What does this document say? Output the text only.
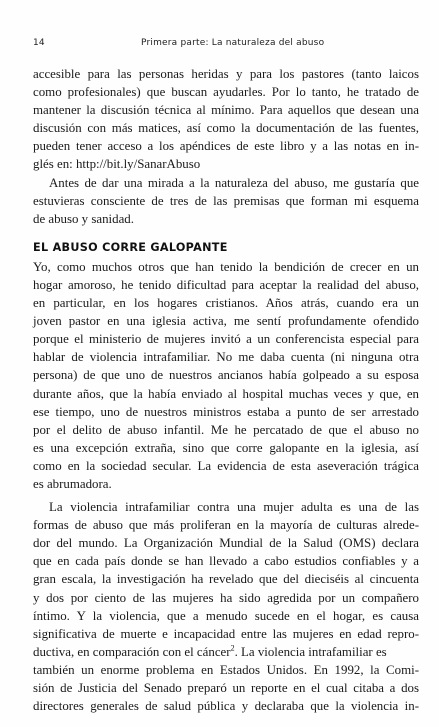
14	Primera parte: La naturaleza del abuso
accesible para las personas heridas y para los pastores (tanto laicos
como profesionales) que buscan ayudarles. Por lo tanto, he tratado de
mantener la discusión técnica al mínimo. Para aquellos que desean una
discusión con más matices, así como la documentación de las fuentes,
pueden tener acceso a los apéndices de este libro y a las notas en in-
glés en: http://bit.ly/SanarAbuso
Antes de dar una mirada a la naturaleza del abuso, me gustaría que
estuvieras consciente de tres de las premisas que forman mi esquema
de abuso y sanidad.
EL ABUSO CORRE GALOPANTE
Yo, como muchos otros que han tenido la bendición de crecer en un
hogar amoroso, he tenido dificultad para aceptar la realidad del abuso,
en particular, en los hogares cristianos. Años atrás, cuando era un
joven pastor en una iglesia activa, me sentí profundamente ofendido
porque el ministerio de mujeres invitó a un conferencista especial para
hablar de violencia intrafamiliar. No me daba cuenta (ni ninguna otra
persona) de que uno de nuestros ancianos había golpeado a su esposa
durante años, que la había enviado al hospital muchas veces y que, en
ese tiempo, uno de nuestros ministros estaba a punto de ser arrestado
por el delito de abuso infantil. Me he percatado de que el abuso no
es una excepción extraña, sino que corre galopante en la iglesia, así
como en la sociedad secular. La evidencia de esta aseveración trágica
es abrumadora.
La violencia intrafamiliar contra una mujer adulta es una de las
formas de abuso que más proliferan en la mayoría de culturas alrede-
dor del mundo. La Organización Mundial de la Salud (OMS) declara
que en cada país donde se han llevado a cabo estudios confiables y a
gran escala, la investigación ha revelado que del dieciséis al cincuenta
y dos por ciento de las mujeres ha sido agredida por un compañero
íntimo. Y la violencia, que a menudo sucede en el hogar, es causa
significativa de muerte e incapacidad entre las mujeres en edad repro-
ductiva, en comparación con el cáncer$^2$. La violencia intrafamiliar es
también un enorme problema en Estados Unidos. En 1992, la Comi-
sión de Justicia del Senado preparó un reporte en el cual citaba a dos
directores generales de salud pública y declaraba que la violencia in-
